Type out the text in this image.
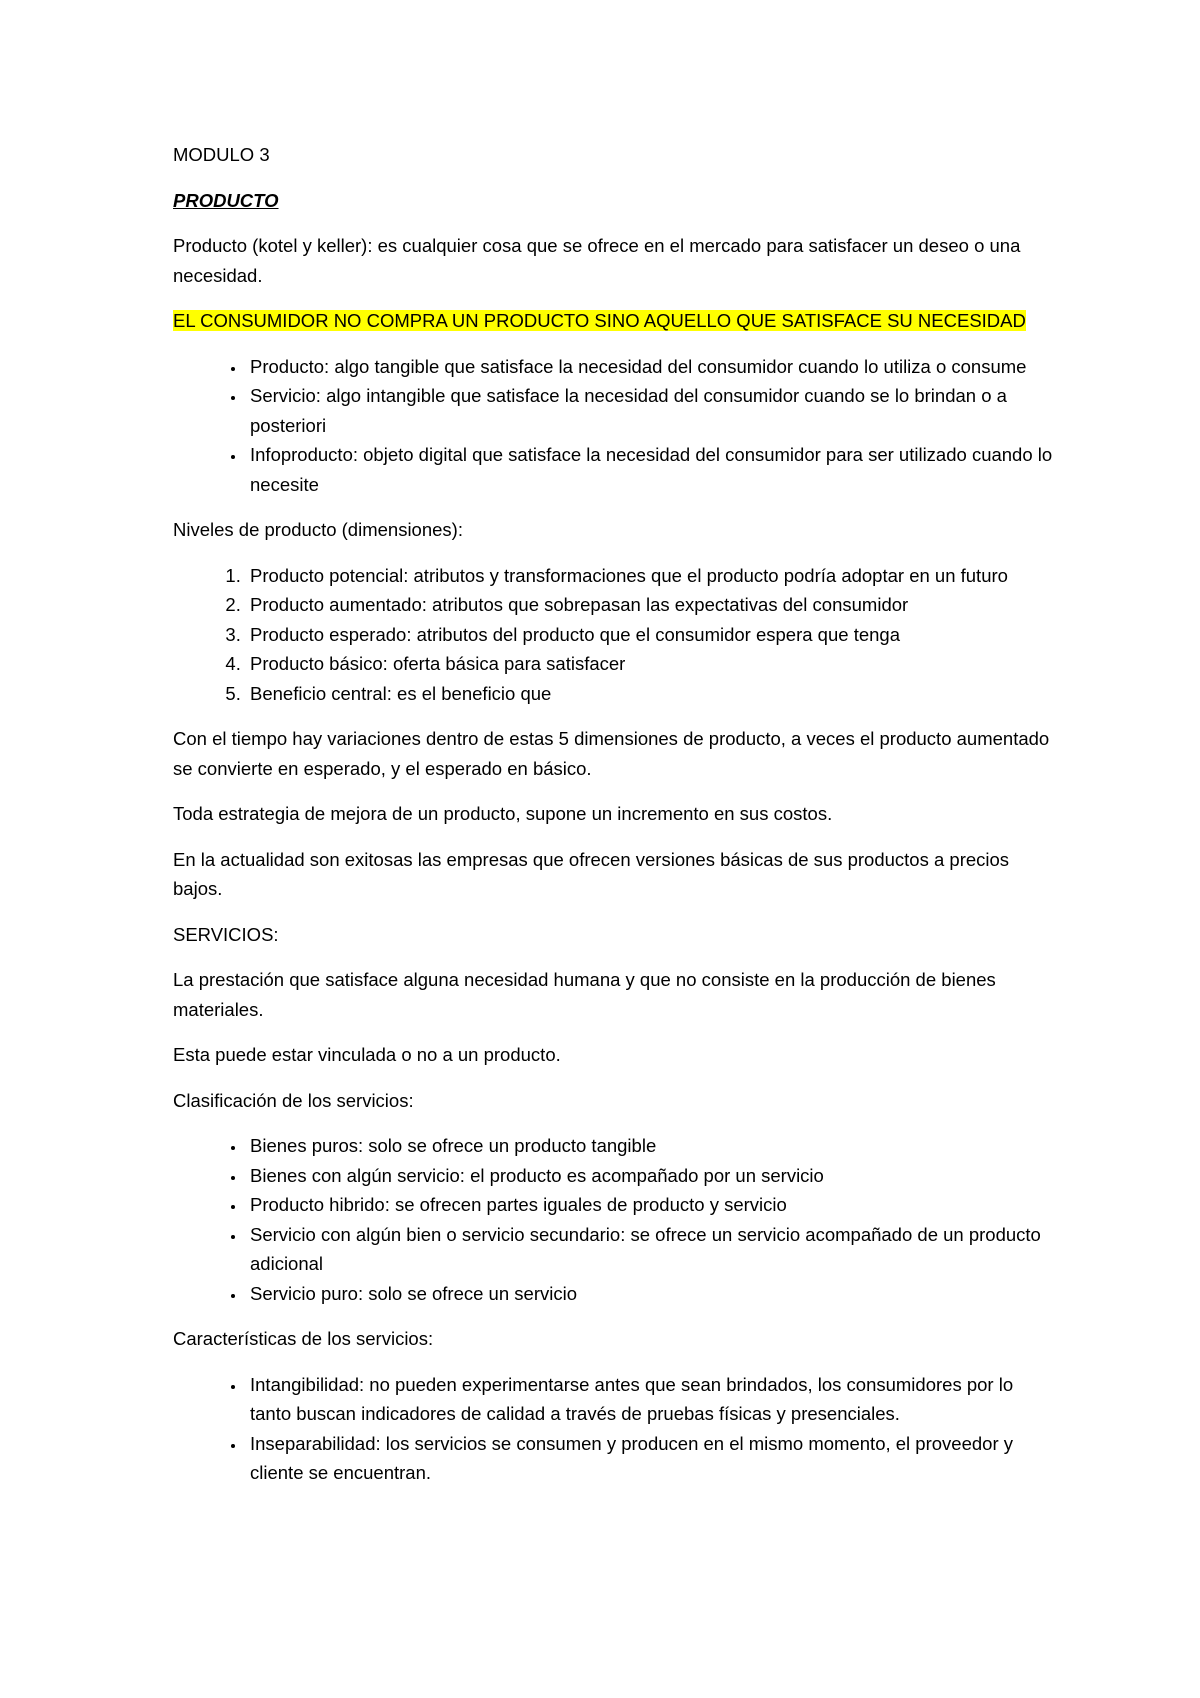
MODULO 3

PRODUCTO

Producto (kotel y keller): es cualquier cosa que se ofrece en el mercado para satisfacer un deseo o una necesidad.

EL CONSUMIDOR NO COMPRA UN PRODUCTO SINO AQUELLO QUE SATISFACE SU NECESIDAD

• Producto: algo tangible que satisface la necesidad del consumidor cuando lo utiliza o consume
• Servicio: algo intangible que satisface la necesidad del consumidor cuando se lo brindan o a posteriori
• Infoproducto: objeto digital que satisface la necesidad del consumidor para ser utilizado cuando lo necesite

Niveles de producto (dimensiones):

1. Producto potencial: atributos y transformaciones que el producto podría adoptar en un futuro
2. Producto aumentado: atributos que sobrepasan las expectativas del consumidor
3. Producto esperado: atributos del producto que el consumidor espera que tenga
4. Producto básico: oferta básica para satisfacer
5. Beneficio central: es el beneficio que

Con el tiempo hay variaciones dentro de estas 5 dimensiones de producto, a veces el producto aumentado se convierte en esperado, y el esperado en básico.

Toda estrategia de mejora de un producto, supone un incremento en sus costos.

En la actualidad son exitosas las empresas que ofrecen versiones básicas de sus productos a precios bajos.

SERVICIOS:

La prestación que satisface alguna necesidad humana y que no consiste en la producción de bienes materiales.

Esta puede estar vinculada o no a un producto.

Clasificación de los servicios:

• Bienes puros: solo se ofrece un producto tangible
• Bienes con algún servicio: el producto es acompañado por un servicio
• Producto hibrido: se ofrecen partes iguales de producto y servicio
• Servicio con algún bien o servicio secundario: se ofrece un servicio acompañado de un producto adicional
• Servicio puro: solo se ofrece un servicio

Características de los servicios:

• Intangibilidad: no pueden experimentarse antes que sean brindados, los consumidores por lo tanto buscan indicadores de calidad a través de pruebas físicas y presenciales.
• Inseparabilidad: los servicios se consumen y producen en el mismo momento, el proveedor y cliente se encuentran.
